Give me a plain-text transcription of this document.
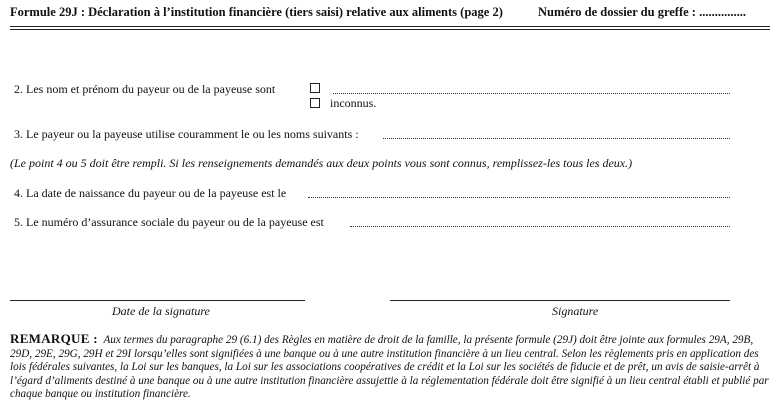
Formule 29J : Déclaration à l’institution financière (tiers saisi) relative aux aliments (page 2)	Numéro de dossier du greffe : ...............
2. Les nom et prénom du payeur ou de la payeuse sont
inconnus.
3. Le payeur ou la payeuse utilise couramment le ou les noms suivants :
(Le point 4 ou 5 doit être rempli. Si les renseignements demandés aux deux points vous sont connus, remplissez-les tous les deux.)
4. La date de naissance du payeur ou de la payeuse est le
5. Le numéro d’assurance sociale du payeur ou de la payeuse est
Date de la signature	Signature
REMARQUE : Aux termes du paragraphe 29 (6.1) des Règles en matière de droit de la famille, la présente formule (29J) doit être jointe aux formules 29A, 29B, 29D, 29E, 29G, 29H et 29I lorsqu’elles sont signifiées à une banque ou à une autre institution financière à un lieu central. Selon les règlements pris en application des lois fédérales suivantes, la Loi sur les banques, la Loi sur les associations coopératives de crédit et la Loi sur les sociétés de fiducie et de prêt, un avis de saisie-arrêt à l’égard d’aliments destiné à une banque ou à une autre institution financière assujettie à la réglementation fédérale doit être signifié à un lieu central établi et publié par chaque banque ou institution financière.
